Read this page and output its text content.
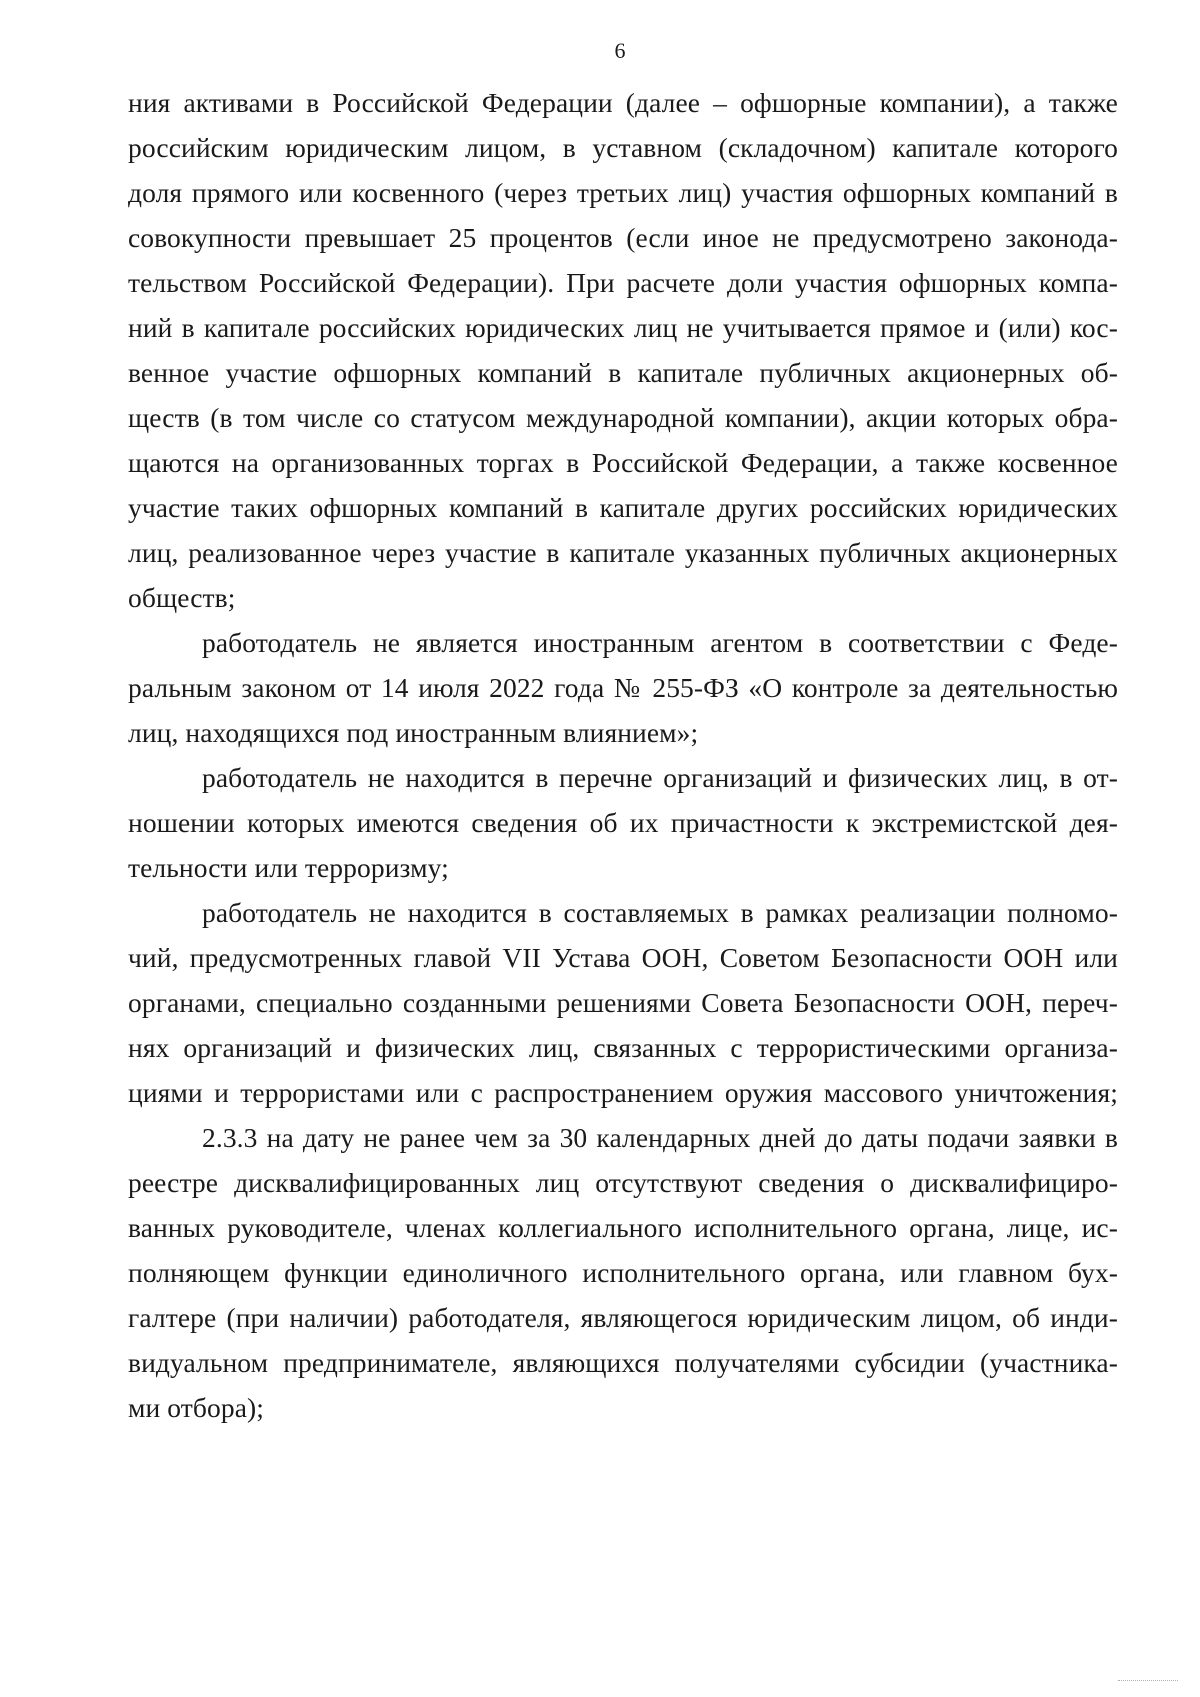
6
ния активами в Российской Федерации (далее – офшорные компании), а также
российским юридическим лицом, в уставном (складочном) капитале которого
доля прямого или косвенного (через третьих лиц) участия офшорных компаний в
совокупности превышает 25 процентов (если иное не предусмотрено законода-
тельством Российской Федерации). При расчете доли участия офшорных компа-
ний в капитале российских юридических лиц не учитывается прямое и (или) кос-
венное участие офшорных компаний в капитале публичных акционерных об-
ществ (в том числе со статусом международной компании), акции которых обра-
щаются на организованных торгах в Российской Федерации, а также косвенное
участие таких офшорных компаний в капитале других российских юридических
лиц, реализованное через участие в капитале указанных публичных акционерных
обществ;
работодатель не является иностранным агентом в соответствии с Феде-
ральным законом от 14 июля 2022 года № 255-ФЗ «О контроле за деятельностью
лиц, находящихся под иностранным влиянием»;
работодатель не находится в перечне организаций и физических лиц, в от-
ношении которых имеются сведения об их причастности к экстремистской дея-
тельности или терроризму;
работодатель не находится в составляемых в рамках реализации полномо-
чий, предусмотренных главой VII Устава ООН, Советом Безопасности ООН или
органами, специально созданными решениями Совета Безопасности ООН, переч-
нях организаций и физических лиц, связанных с террористическими организа-
циями и террористами или с распространением оружия массового уничтожения;
2.3.3 на дату не ранее чем за 30 календарных дней до даты подачи заявки в
реестре дисквалифицированных лиц отсутствуют сведения о дисквалифициро-
ванных руководителе, членах коллегиального исполнительного органа, лице, ис-
полняющем функции единоличного исполнительного органа, или главном бух-
галтере (при наличии) работодателя, являющегося юридическим лицом, об инди-
видуальном предпринимателе, являющихся получателями субсидии (участника-
ми отбора);
